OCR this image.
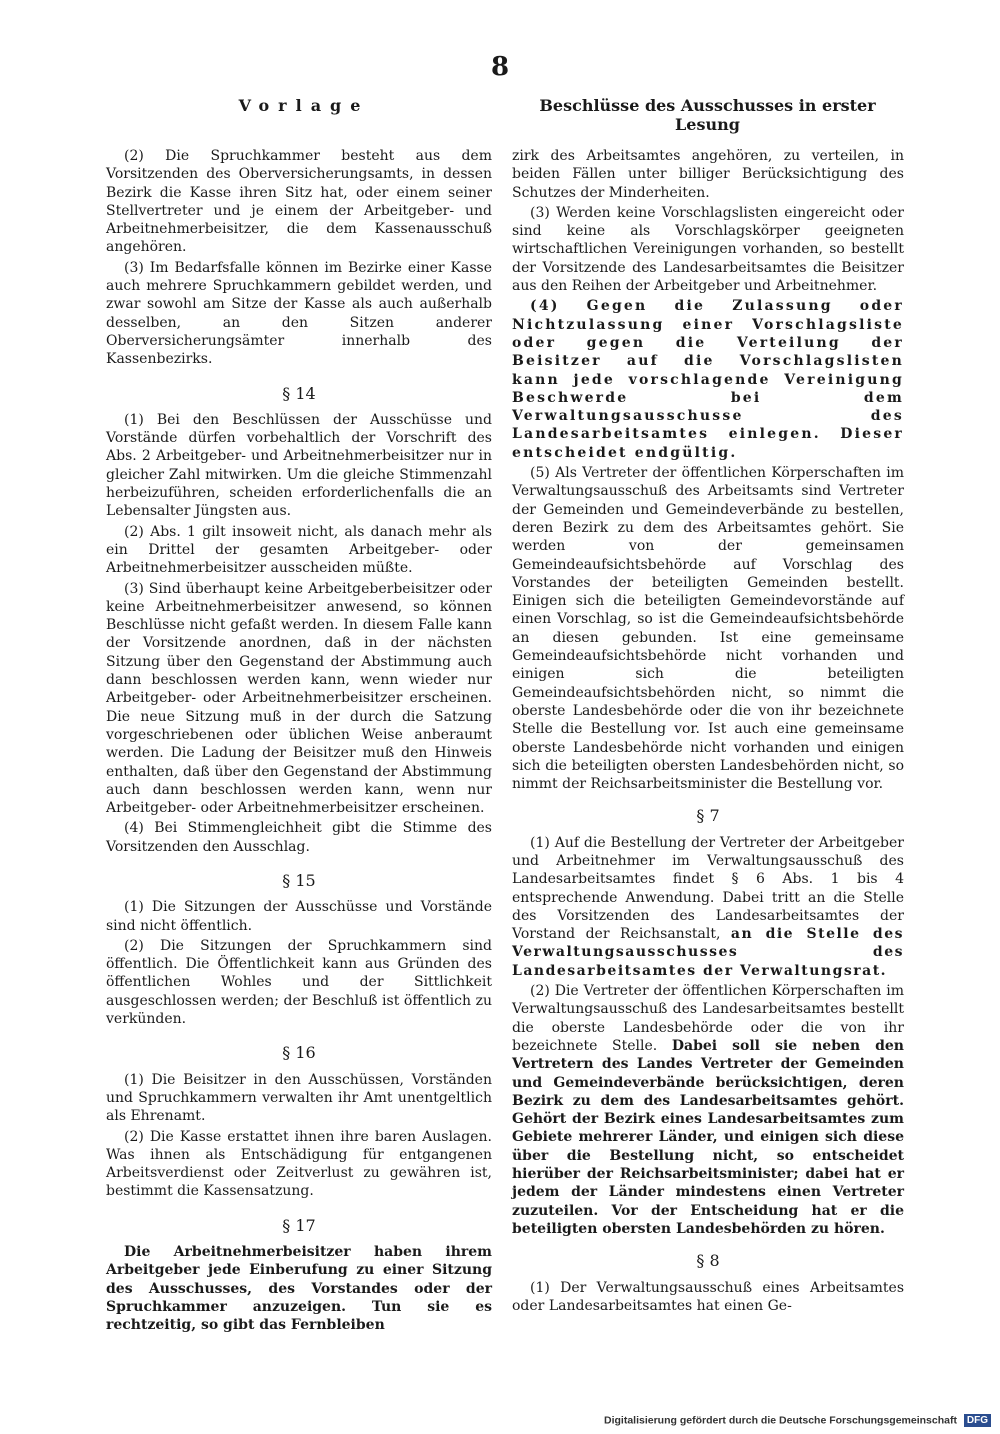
8
Vorlage	Beschlüsse des Ausschusses in erster Lesung

(2) Die Spruchkammer besteht aus dem Vorsitzenden des Oberversicherungsamts, in dessen Bezirk die Kasse ihren Sitz hat, oder einem seiner Stellvertreter und je einem der Arbeitgeber- und Arbeitnehmerbeisitzer, die dem Kassenausschuß angehören.

(3) Im Bedarfsfalle können im Bezirke einer Kasse auch mehrere Spruchkammern gebildet werden, und zwar sowohl am Sitze der Kasse als auch außerhalb desselben, an den Sitzen anderer Oberversicherungsämter innerhalb des Kassenbezirks.

§ 14

(1) Bei den Beschlüssen der Ausschüsse und Vorstände dürfen vorbehaltlich der Vorschrift des Abs. 2 Arbeitgeber- und Arbeitnehmerbeisitzer nur in gleicher Zahl mitwirken. Um die gleiche Stimmenzahl herbeizuführen, scheiden erforderlichenfalls die an Lebensalter Jüngsten aus.

(2) Abs. 1 gilt insoweit nicht, als danach mehr als ein Drittel der gesamten Arbeitgeber- oder Arbeitnehmerbeisitzer ausscheiden müßte.

(3) Sind überhaupt keine Arbeitgeberbeisitzer oder keine Arbeitnehmerbeisitzer anwesend, so können Beschlüsse nicht gefaßt werden. In diesem Falle kann der Vorsitzende anordnen, daß in der nächsten Sitzung über den Gegenstand der Abstimmung auch dann beschlossen werden kann, wenn wieder nur Arbeitgeber- oder Arbeitnehmerbeisitzer erscheinen. Die neue Sitzung muß in der durch die Satzung vorgeschriebenen oder üblichen Weise anberaumt werden. Die Ladung der Beisitzer muß den Hinweis enthalten, daß über den Gegenstand der Abstimmung auch dann beschlossen werden kann, wenn nur Arbeitgeber- oder Arbeitnehmerbeisitzer erscheinen.

(4) Bei Stimmengleichheit gibt die Stimme des Vorsitzenden den Ausschlag.

§ 15

(1) Die Sitzungen der Ausschüsse und Vorstände sind nicht öffentlich.

(2) Die Sitzungen der Spruchkammern sind öffentlich. Die Öffentlichkeit kann aus Gründen des öffentlichen Wohles und der Sittlichkeit ausgeschlossen werden; der Beschluß ist öffentlich zu verkünden.

§ 16

(1) Die Beisitzer in den Ausschüssen, Vorständen und Spruchkammern verwalten ihr Amt unentgeltlich als Ehrenamt.

(2) Die Kasse erstattet ihnen ihre baren Auslagen. Was ihnen als Entschädigung für entgangenen Arbeitsverdienst oder Zeitverlust zu gewähren ist, bestimmt die Kassensatzung.

§ 17

Die Arbeitnehmerbeisitzer haben ihrem Arbeitgeber jede Einberufung zu einer Sitzung des Ausschusses, des Vorstandes oder der Spruchkammer anzuzeigen. Tun sie es rechtzeitig, so gibt das Fernbleiben

zirk des Arbeitsamtes angehören, zu verteilen, in beiden Fällen unter billiger Berücksichtigung des Schutzes der Minderheiten.

(3) Werden keine Vorschlagslisten eingereicht oder sind keine als Vorschlagskörper geeigneten wirtschaftlichen Vereinigungen vorhanden, so bestellt der Vorsitzende des Landesarbeitsamtes die Beisitzer aus den Reihen der Arbeitgeber und Arbeitnehmer.

(4) Gegen die Zulassung oder Nichtzulassung einer Vorschlagsliste oder gegen die Verteilung der Beisitzer auf die Vorschlagslisten kann jede vorschlagende Vereinigung Beschwerde bei dem Verwaltungsausschusse des Landesarbeitsamtes einlegen. Dieser entscheidet endgültig.

(5) Als Vertreter der öffentlichen Körperschaften im Verwaltungsausschuß des Arbeitsamts sind Vertreter der Gemeinden und Gemeindeverbände zu bestellen, deren Bezirk zu dem des Arbeitsamtes gehört. Sie werden von der gemeinsamen Gemeindeaufsichtsbehörde auf Vorschlag des Vorstandes der beteiligten Gemeinden bestellt. Einigen sich die beteiligten Gemeindevorstände auf einen Vorschlag, so ist die Gemeindeaufsichtsbehörde an diesen gebunden. Ist eine gemeinsame Gemeindeaufsichtsbehörde nicht vorhanden und einigen sich die beteiligten Gemeindeaufsichtsbehörden nicht, so nimmt die oberste Landesbehörde oder die von ihr bezeichnete Stelle die Bestellung vor. Ist auch eine gemeinsame oberste Landesbehörde nicht vorhanden und einigen sich die beteiligten obersten Landesbehörden nicht, so nimmt der Reichsarbeitsminister die Bestellung vor.

§ 7

(1) Auf die Bestellung der Vertreter der Arbeitgeber und Arbeitnehmer im Verwaltungsausschuß des Landesarbeitsamtes findet § 6 Abs. 1 bis 4 entsprechende Anwendung. Dabei tritt an die Stelle des Vorsitzenden des Landesarbeitsamtes der Vorstand der Reichsanstalt, an die Stelle des Verwaltungsausschusses des Landesarbeitsamtes der Verwaltungsrat.

(2) Die Vertreter der öffentlichen Körperschaften im Verwaltungsausschuß des Landesarbeitsamtes bestellt die oberste Landesbehörde oder die von ihr bezeichnete Stelle. Dabei soll sie neben den Vertretern des Landes Vertreter der Gemeinden und Gemeindeverbände berücksichtigen, deren Bezirk zu dem des Landesarbeitsamtes gehört. Gehört der Bezirk eines Landesarbeitsamtes zum Gebiete mehrerer Länder, und einigen sich diese über die Bestellung nicht, so entscheidet hierüber der Reichsarbeitsminister; dabei hat er jedem der Länder mindestens einen Vertreter zuzuteilen. Vor der Entscheidung hat er die beteiligten obersten Landesbehörden zu hören.

§ 8

(1) Der Verwaltungsausschuß eines Arbeitsamtes oder Landesarbeitsamtes hat einen Ge-

Digitalisierung gefördert durch die Deutsche Forschungsgemeinschaft DFG
